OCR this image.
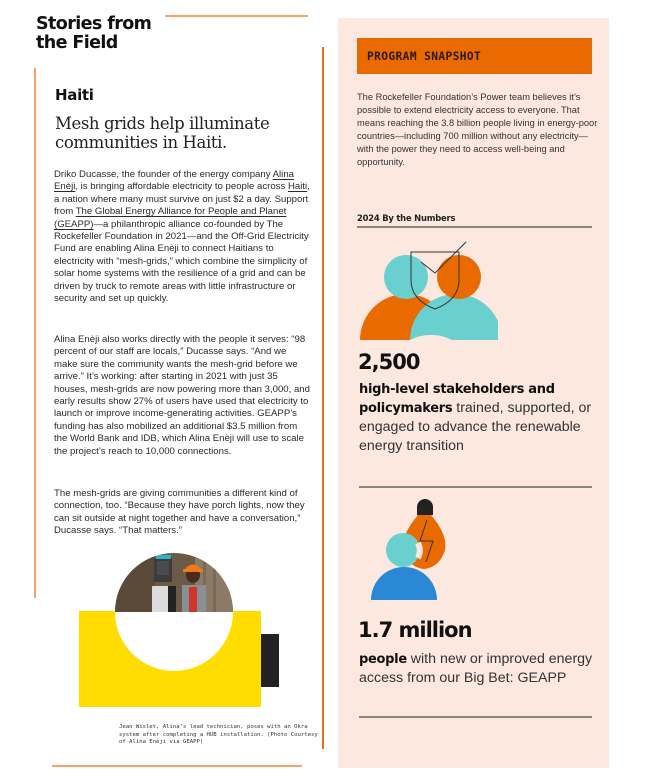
Stories from
the Field
Haiti
Mesh grids help illuminate communities in Haiti.
Driko Ducasse, the founder of the energy company Alina Enèji, is bringing affordable electricity to people across Haiti, a nation where many must survive on just $2 a day. Support from The Global Energy Alliance for People and Planet (GEAPP)—a philanthropic alliance co-founded by The Rockefeller Foundation in 2021—and the Off-Grid Electricity Fund are enabling Alina Enèji to connect Haitians to electricity with “mesh-grids,” which combine the simplicity of solar home systems with the resilience of a grid and can be driven by truck to remote areas with little infrastructure or security and set up quickly.
Alina Enèji also works directly with the people it serves: “98 percent of our staff are locals,” Ducasse says. “And we make sure the community wants the mesh-grid before we arrive.” It’s working: after starting in 2021 with just 35 houses, mesh-grids are now powering more than 3,000, and early results show 27% of users have used that electricity to launch or improve income-generating activities. GEAPP’s funding has also mobilized an additional $3.5 million from the World Bank and IDB, which Alina Enèji will use to scale the project’s reach to 10,000 connections.
The mesh-grids are giving communities a different kind of connection, too. “Because they have porch lights, now they can sit outside at night together and have a conversation,” Ducasse says. “That matters.”
Jean Wislet, Alina’s lead technician, poses with an Okra system after completing a HUB installation. (Photo Courtesy of Alina Enèji via GEAPP)
PROGRAM SNAPSHOT
The Rockefeller Foundation’s Power team believes it’s possible to extend electricity access to everyone. That means reaching the 3.8 billion people living in energy-poor countries—including 700 million without any electricity—with the power they need to access well-being and opportunity.
2024 By the Numbers
2,500
high-level stakeholders and policymakers trained, supported, or engaged to advance the renewable energy transition
1.7 million
people with new or improved energy access from our Big Bet: GEAPP
